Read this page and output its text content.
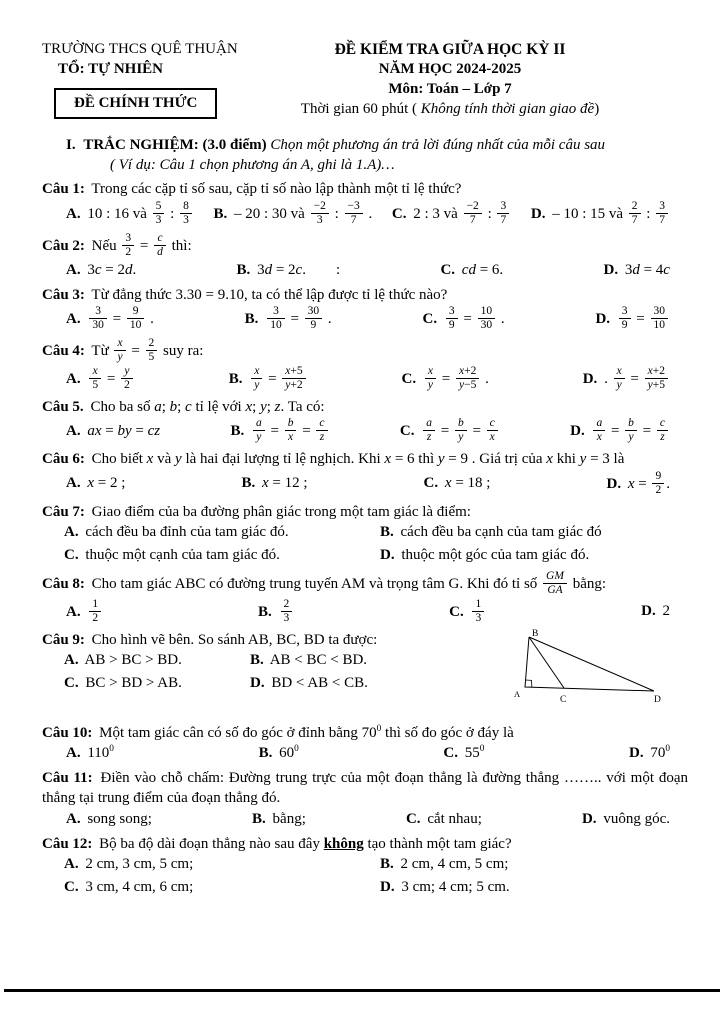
TRƯỜNG THCS QUÊ THUẬN
TỔ: TỰ NHIÊN
ĐỀ CHÍNH THỨC
ĐỀ KIỂM TRA GIỮA HỌC KỲ II
NĂM HỌC 2024-2025
Môn: Toán – Lớp 7
Thời gian 60 phút ( Không tính thời gian giao đề)
I. TRẮC NGHIỆM: (3.0 điểm) Chọn một phương án trả lời đúng nhất của mỗi câu sau
( Ví dụ: Câu 1 chọn phương án A, ghi là 1.A)…
Câu 1: Trong các cặp tỉ số sau, cặp tỉ số nào lập thành một tỉ lệ thức?
A. 10 : 16 và $\frac{5}{3}$ : $\frac{8}{3} B$. – 20 : 30 và $\frac{-2}{3}$ : $\frac{-3}{7}$ . C. 2 : 3 và $\frac{-2}{7}$ : $\frac{3}{7} D$. – 10 : 15 và $\frac{2}{7}$ : $\frac{3}{7}$
Câu 2: Nếu $\frac{3}{2} = \frac{c}{d}$ thì:
A. 3c = 2d.	B. 3d = 2c.  :	C. cd = 6.	D. 3d = 4c
Câu 3: Từ đẳng thức 3.30 = 9.10, ta có thể lập được tỉ lệ thức nào?
A. $\frac{3}{30} = \frac{9}{10}$ .	B. $\frac{3}{10} = \frac{30}{9}$ .	C. $\frac{3}{9} = \frac{10}{30}$ .	D. $\frac{3}{9} = \frac{30}{10}$
Câu 4: Từ $\frac{x}{y} = \frac{2}{5}$ suy ra:
A. $\frac{x}{5} = \frac{y}{2}$	B. $\frac{x}{y} = \frac{x+5}{y+2}$	C. $\frac{x}{y} = \frac{x+2}{y-5}$ .	D. . $\frac{x}{y} = \frac{x+2}{y+5}$
Câu 5. Cho ba số a; b; c tỉ lệ với x; y; z. Ta có:
A. ax = by = cz	B. $\frac{a}{y} = \frac{b}{x} = \frac{c}{z}$	C. $\frac{a}{z} = \frac{b}{y} = \frac{c}{x}$	D. $\frac{a}{x} = \frac{b}{y} = \frac{c}{z}$
Câu 6: Cho biết x và y là hai đại lượng tỉ lệ nghịch. Khi x = 6 thì y = 9 . Giá trị của x khi y = 3 là
A. x = 2 ;	B. x = 12 ;	C. x = 18 ;	D. $x = \frac{9}{2}$ .
Câu 7: Giao điểm của ba đường phân giác trong một tam giác là điểm:
A. cách đều ba đỉnh của tam giác đó.	B. cách đều ba cạnh của tam giác đó
C. thuộc một cạnh của tam giác đó.	D. thuộc một góc của tam giác đó.
Câu 8: Cho tam giác ABC có đường trung tuyến AM và trọng tâm G. Khi đó tỉ số $\frac{GM}{GA}$ bằng:
A. $\frac{1}{2}$	B. $\frac{2}{3}$	C. $\frac{1}{3}$	D. 2
Câu 9: Cho hình vẽ bên. So sánh AB, BC, BD ta được:
A. AB > BC > BD.	B. AB < BC < BD.
C. BC > BD > AB.	D. BD < AB < CB.
B
A
C	D
Câu 10: Một tam giác cân có số đo góc ở đỉnh bằng $70^0$ thì số đo góc ở đáy là
A. $110^0$	B. $60^0$	C. $55^0$	D. $70^0$
Câu 11: Điền vào chỗ chấm: Đường trung trực của một đoạn thẳng là đường thẳng …….. với một đoạn thẳng tại trung điểm của đoạn thẳng đó.
A. song song;	B. bằng;	C. cắt nhau;	D. vuông góc.
Câu 12: Bộ ba độ dài đoạn thẳng nào sau đây không tạo thành một tam giác?
A. 2 cm, 3 cm, 5 cm;	B. 2 cm, 4 cm, 5 cm;
C. 3 cm, 4 cm, 6 cm;	D. 3 cm; 4 cm; 5 cm.
